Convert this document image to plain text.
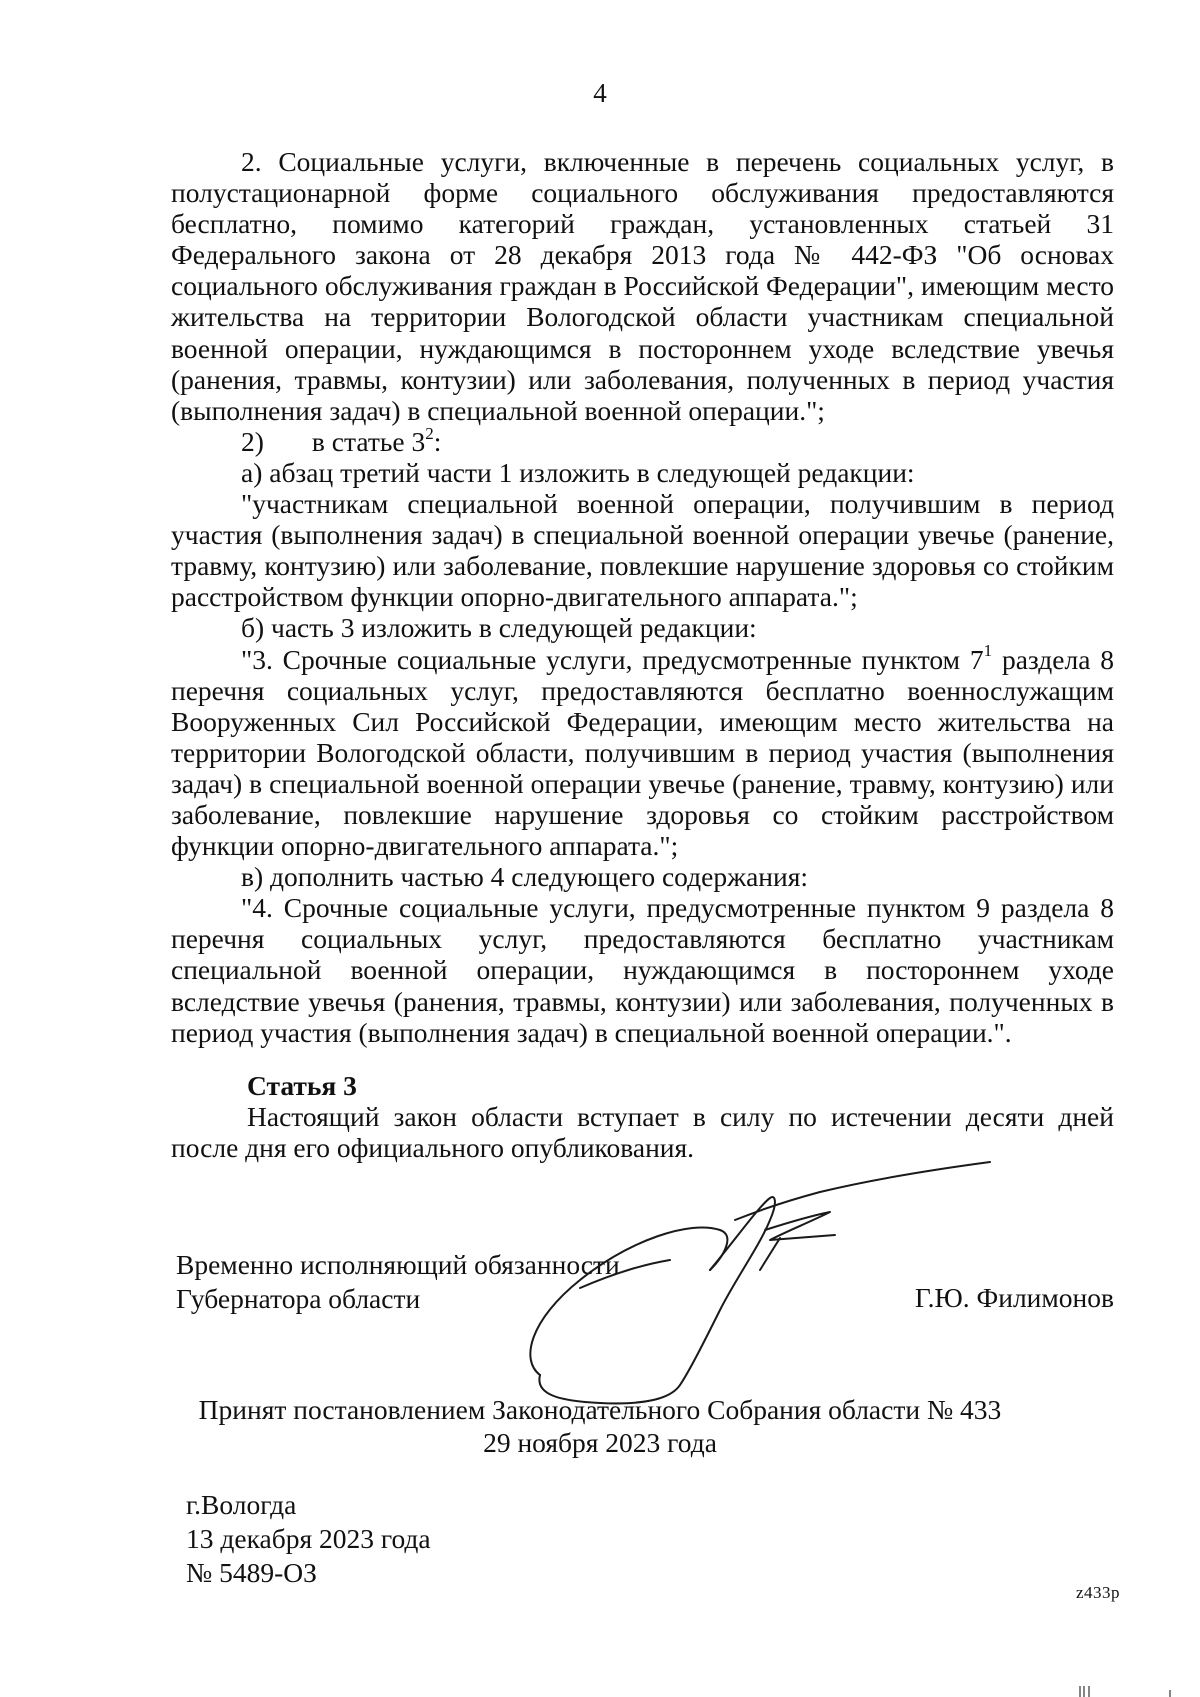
4

2. Социальные услуги, включенные в перечень социальных услуг, в полустационарной форме социального обслуживания предоставляются бесплатно, помимо категорий граждан, установленных статьей 31 Федерального закона от 28 декабря 2013 года № 442-ФЗ "Об основах социального обслуживания граждан в Российской Федерации", имеющим место жительства на территории Вологодской области участникам специальной военной операции, нуждающимся в постороннем уходе вследствие увечья (ранения, травмы, контузии) или заболевания, полученных в период участия (выполнения задач) в специальной военной операции.";

2) в статье $3^2$:

а) абзац третий части 1 изложить в следующей редакции:

"участникам специальной военной операции, получившим в период участия (выполнения задач) в специальной военной операции увечье (ранение, травму, контузию) или заболевание, повлекшие нарушение здоровья со стойким расстройством функции опорно-двигательного аппарата.";

б) часть 3 изложить в следующей редакции:

"3. Срочные социальные услуги, предусмотренные пунктом $7^1$ раздела 8 перечня социальных услуг, предоставляются бесплатно военнослужащим Вооруженных Сил Российской Федерации, имеющим место жительства на территории Вологодской области, получившим в период участия (выполнения задач) в специальной военной операции увечье (ранение, травму, контузию) или заболевание, повлекшие нарушение здоровья со стойким расстройством функции опорно-двигательного аппарата.";

в) дополнить частью 4 следующего содержания:

"4. Срочные социальные услуги, предусмотренные пунктом 9 раздела 8 перечня социальных услуг, предоставляются бесплатно участникам специальной военной операции, нуждающимся в постороннем уходе вследствие увечья (ранения, травмы, контузии) или заболевания, полученных в период участия (выполнения задач) в специальной военной операции.".

Статья 3

Настоящий закон области вступает в силу по истечении десяти дней после дня его официального опубликования.

Временно исполняющий обязанности
Губернатора области	Г.Ю. Филимонов
Принят постановлением Законодательного Собрания области № 433
29 ноября 2023 года
г.Вологда
13 декабря 2023 года
№ 5489-ОЗ
z433p
